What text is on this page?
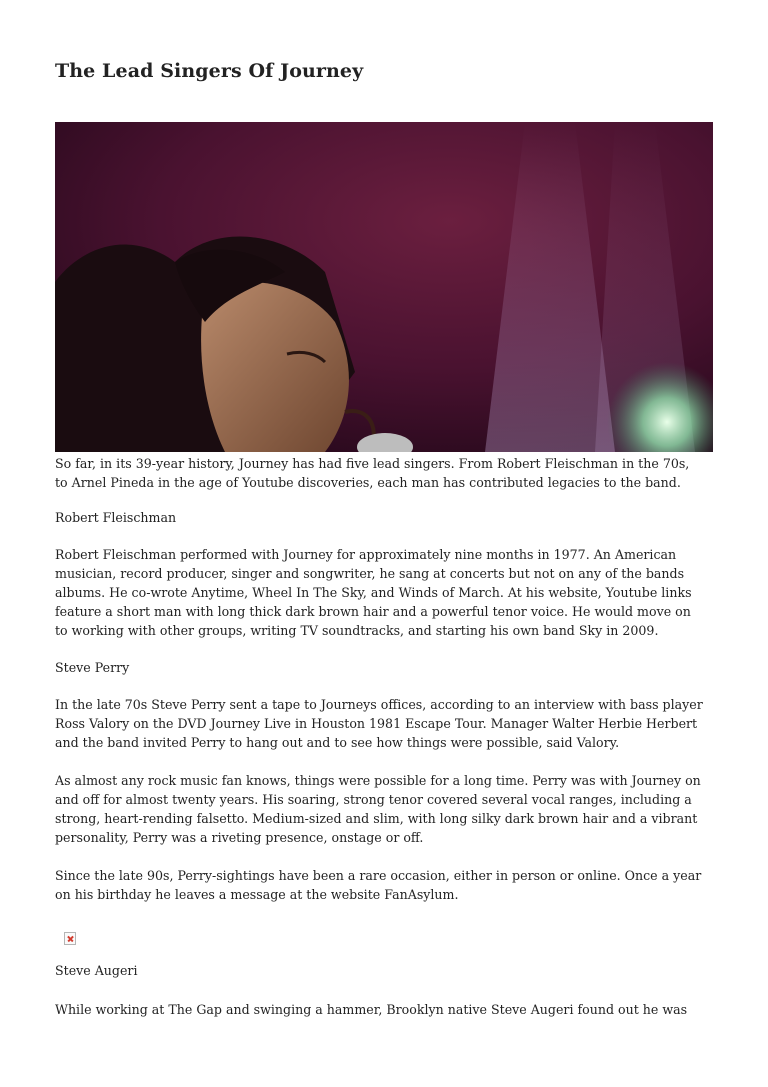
The Lead Singers Of Journey
So far, in its 39-year history, Journey has had five lead singers. From Robert Fleischman in the 70s,
to Arnel Pineda in the age of Youtube discoveries, each man has contributed legacies to the band.
Robert Fleischman
Robert Fleischman performed with Journey for approximately nine months in 1977. An American
musician, record producer, singer and songwriter, he sang at concerts but not on any of the bands
albums. He co-wrote Anytime, Wheel In The Sky, and Winds of March. At his website, Youtube links
feature a short man with long thick dark brown hair and a powerful tenor voice. He would move on
to working with other groups, writing TV soundtracks, and starting his own band Sky in 2009.
Steve Perry
In the late 70s Steve Perry sent a tape to Journeys offices, according to an interview with bass player
Ross Valory on the DVD Journey Live in Houston 1981 Escape Tour. Manager Walter Herbie Herbert
and the band invited Perry to hang out and to see how things were possible, said Valory.
As almost any rock music fan knows, things were possible for a long time. Perry was with Journey on
and off for almost twenty years. His soaring, strong tenor covered several vocal ranges, including a
strong, heart-rending falsetto. Medium-sized and slim, with long silky dark brown hair and a vibrant
personality, Perry was a riveting presence, onstage or off.
Since the late 90s, Perry-sightings have been a rare occasion, either in person or online. Once a year
on his birthday he leaves a message at the website FanAsylum.
Steve Augeri
While working at The Gap and swinging a hammer, Brooklyn native Steve Augeri found out he was
